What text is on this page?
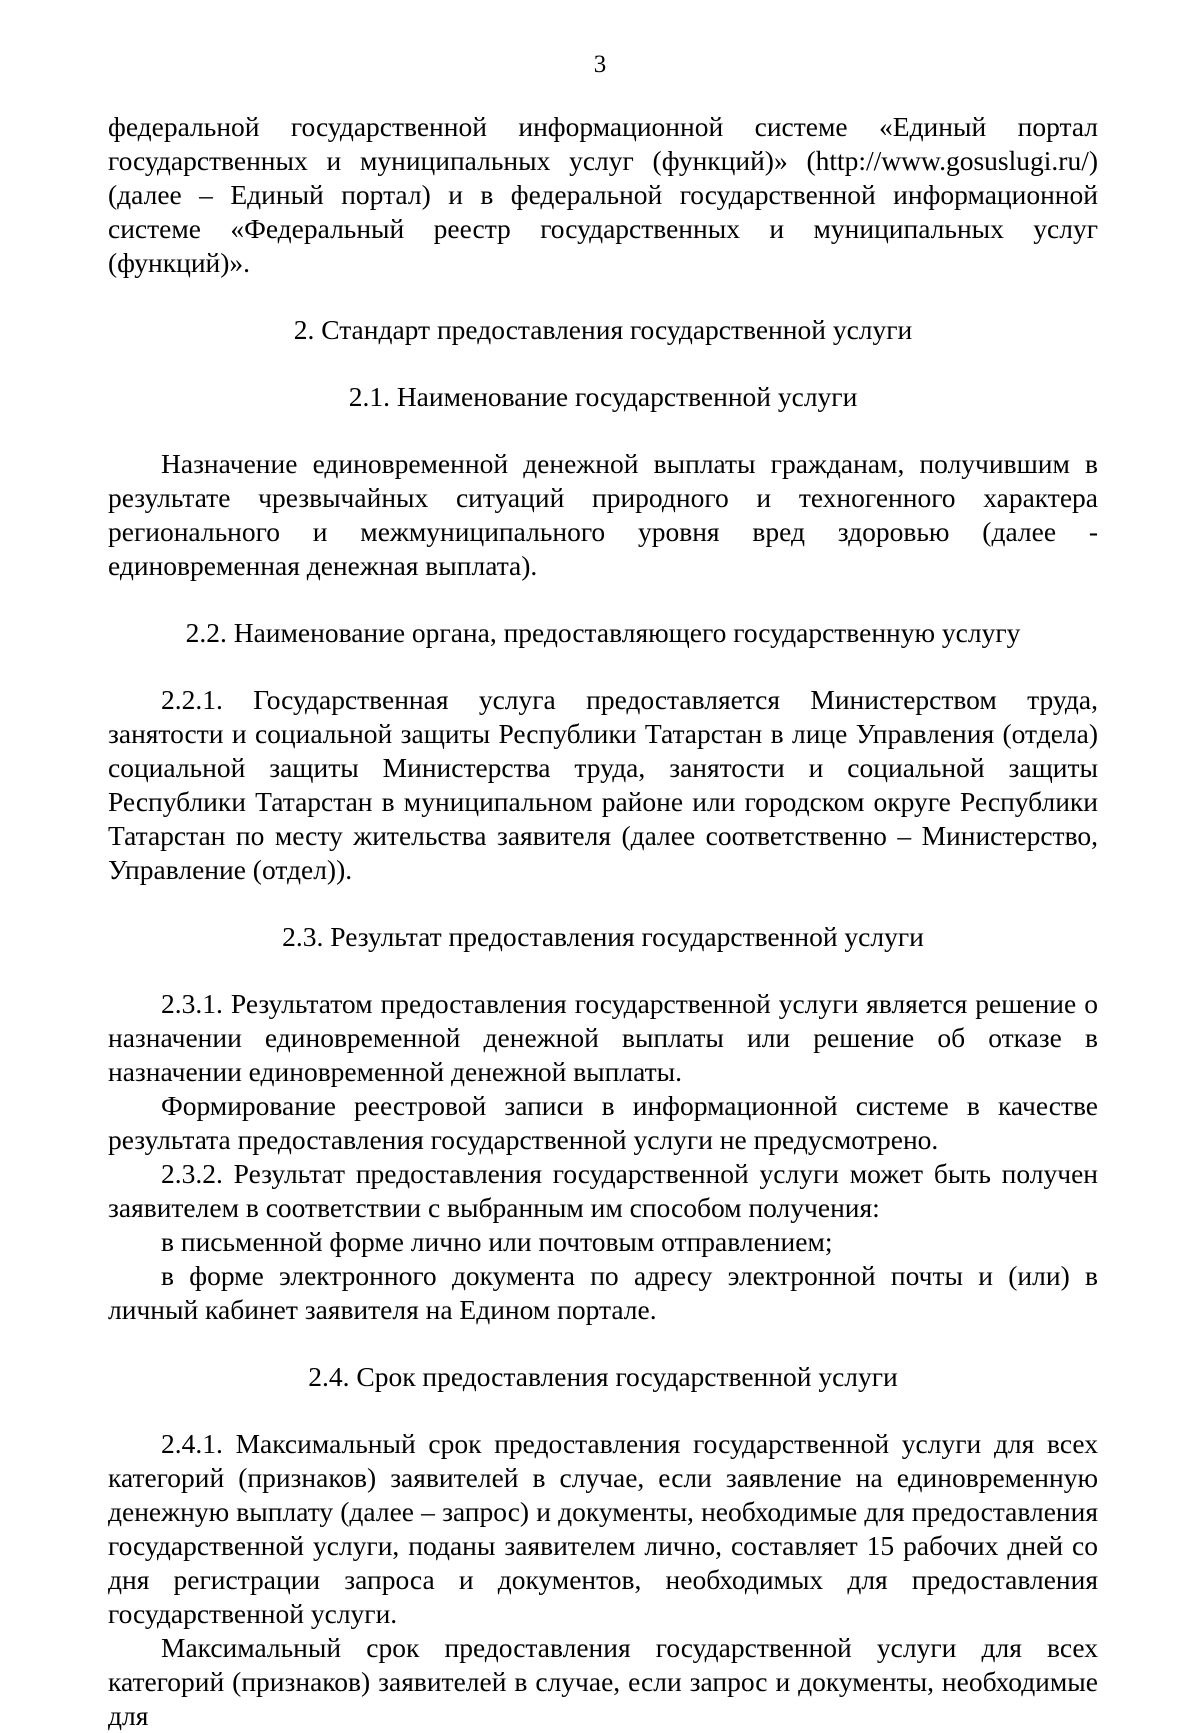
3

федеральной государственной информационной системе «Единый портал государственных и муниципальных услуг (функций)» (http://www.gosuslugi.ru/) (далее – Единый портал) и в федеральной государственной информационной системе «Федеральный реестр государственных и муниципальных услуг (функций)».

2. Стандарт предоставления государственной услуги

2.1. Наименование государственной услуги

Назначение единовременной денежной выплаты гражданам, получившим в результате чрезвычайных ситуаций природного и техногенного характера регионального и межмуниципального уровня вред здоровью (далее - единовременная денежная выплата).

2.2. Наименование органа, предоставляющего государственную услугу

2.2.1. Государственная услуга предоставляется Министерством труда, занятости и социальной защиты Республики Татарстан в лице Управления (отдела) социальной защиты Министерства труда, занятости и социальной защиты Республики Татарстан в муниципальном районе или городском округе Республики Татарстан по месту жительства заявителя (далее соответственно – Министерство, Управление (отдел)).

2.3. Результат предоставления государственной услуги

2.3.1. Результатом предоставления государственной услуги является решение о назначении единовременной денежной выплаты или решение об отказе в назначении единовременной денежной выплаты.

Формирование реестровой записи в информационной системе в качестве результата предоставления государственной услуги не предусмотрено.

2.3.2. Результат предоставления государственной услуги может быть получен заявителем в соответствии с выбранным им способом получения:

в письменной форме лично или почтовым отправлением;

в форме электронного документа по адресу электронной почты и (или) в личный кабинет заявителя на Едином портале.

2.4. Срок предоставления государственной услуги

2.4.1. Максимальный срок предоставления государственной услуги для всех категорий (признаков) заявителей в случае, если заявление на единовременную денежную выплату (далее – запрос) и документы, необходимые для предоставления государственной услуги, поданы заявителем лично, составляет 15 рабочих дней со дня регистрации запроса и документов, необходимых для предоставления государственной услуги.

Максимальный срок предоставления государственной услуги для всех категорий (признаков) заявителей в случае, если запрос и документы, необходимые для
